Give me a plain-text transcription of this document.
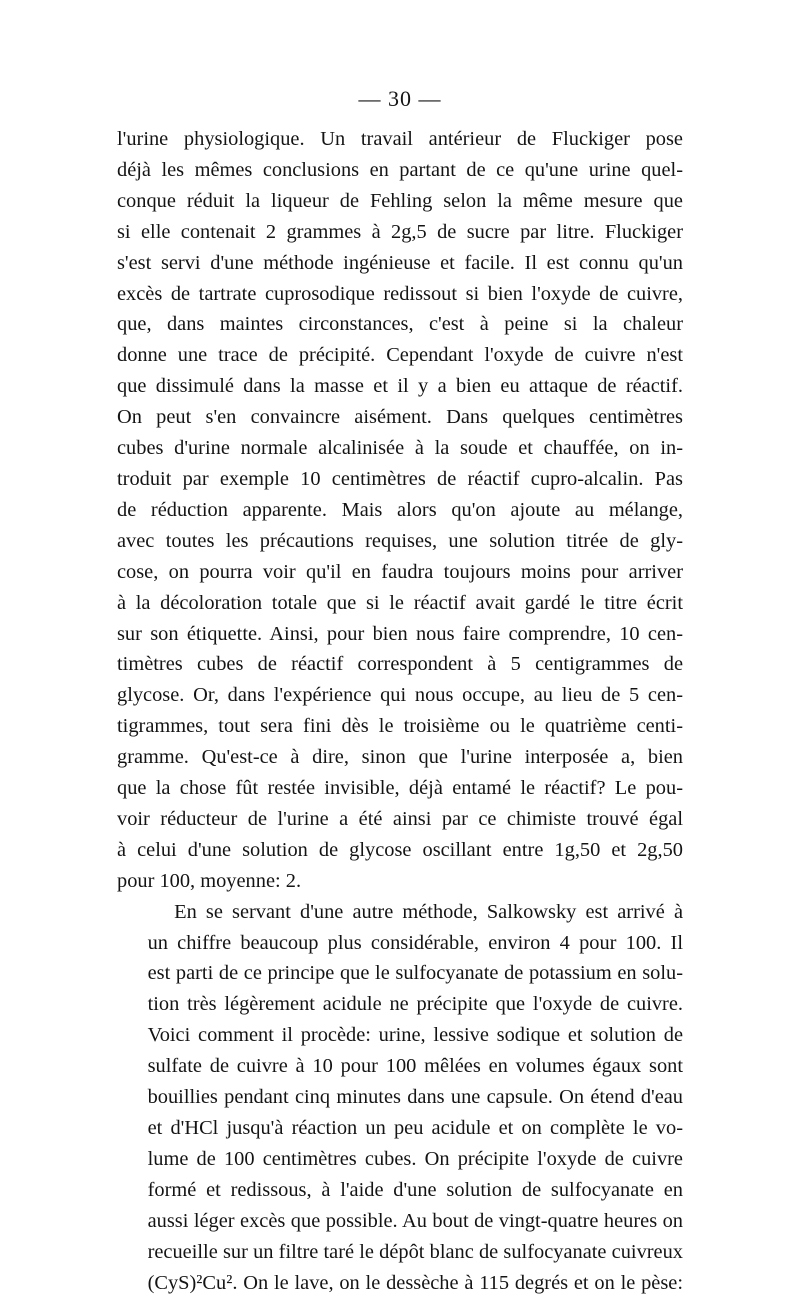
— 30 —
l'urine physiologique. Un travail antérieur de Fluckiger pose
déjà les mêmes conclusions en partant de ce qu'une urine quel-
conque réduit la liqueur de Fehling selon la même mesure que
si elle contenait 2 grammes à 2g,5 de sucre par litre. Fluckiger
s'est servi d'une méthode ingénieuse et facile. Il est connu qu'un
excès de tartrate cuprosodique redissout si bien l'oxyde de cuivre,
que, dans maintes circonstances, c'est à peine si la chaleur
donne une trace de précipité. Cependant l'oxyde de cuivre n'est
que dissimulé dans la masse et il y a bien eu attaque de réactif.
On peut s'en convaincre aisément. Dans quelques centimètres
cubes d'urine normale alcalinisée à la soude et chauffée, on in-
troduit par exemple 10 centimètres de réactif cupro-alcalin. Pas
de réduction apparente. Mais alors qu'on ajoute au mélange,
avec toutes les précautions requises, une solution titrée de gly-
cose, on pourra voir qu'il en faudra toujours moins pour arriver
à la décoloration totale que si le réactif avait gardé le titre écrit
sur son étiquette. Ainsi, pour bien nous faire comprendre, 10 cen-
timètres cubes de réactif correspondent à 5 centigrammes de
glycose. Or, dans l'expérience qui nous occupe, au lieu de 5 cen-
tigrammes, tout sera fini dès le troisième ou le quatrième centi-
gramme. Qu'est-ce à dire, sinon que l'urine interposée a, bien
que la chose fût restée invisible, déjà entamé le réactif? Le pou-
voir réducteur de l'urine a été ainsi par ce chimiste trouvé égal
à celui d'une solution de glycose oscillant entre 1g,50 et 2g,50
pour 100, moyenne: 2.
En se servant d'une autre méthode, Salkowsky est arrivé à
un chiffre beaucoup plus considérable, environ 4 pour 100. Il
est parti de ce principe que le sulfocyanate de potassium en solu-
tion très légèrement acidule ne précipite que l'oxyde de cuivre.
Voici comment il procède: urine, lessive sodique et solution de
sulfate de cuivre à 10 pour 100 mêlées en volumes égaux sont
bouillies pendant cinq minutes dans une capsule. On étend d'eau
et d'HCl jusqu'à réaction un peu acidule et on complète le vo-
lume de 100 centimètres cubes. On précipite l'oxyde de cuivre
formé et redissous, à l'aide d'une solution de sulfocyanate en
aussi léger excès que possible. Au bout de vingt-quatre heures on
recueille sur un filtre taré le dépôt blanc de sulfocyanate cuivreux
(CyS)²Cu². On le lave, on le dessèche à 115 degrés et on le pèse:
